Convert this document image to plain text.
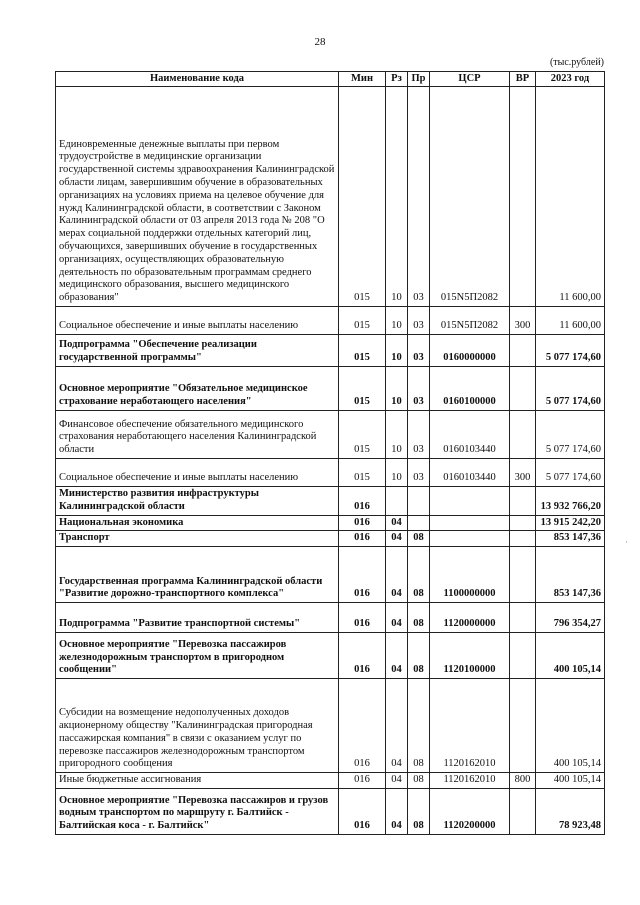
28
(тыс.рублей)
·
Наименование кода	Мин	Рз	Пр	ЦСР	ВР	2023 год
Единовременные денежные выплаты при первом трудоустройстве в медицинские организации государственной системы здравоохранения Калининградской области лицам, завершившим обучение в образовательных организациях на условиях приема на целевое обучение для нужд Калининградской области, в соответствии с Законом Калининградской области от 03 апреля 2013 года № 208 "О мерах социальной поддержки отдельных категорий лиц, обучающихся, завершивших обучение в государственных организациях, осуществляющих образовательную деятельность по образовательным программам среднего медицинского образования, высшего медицинского образования"	015	10	03	015N5П2082		11 600,00
Социальное обеспечение и иные выплаты населению	015	10	03	015N5П2082	300	11 600,00
Подпрограмма "Обеспечение реализации государственной программы"	015	10	03	0160000000		5 077 174,60
Основное мероприятие "Обязательное медицинское страхование неработающего населения"	015	10	03	0160100000		5 077 174,60
Финансовое обеспечение обязательного медицинского страхования неработающего населения Калининградской области	015	10	03	0160103440		5 077 174,60
Социальное обеспечение и иные выплаты населению	015	10	03	0160103440	300	5 077 174,60
Министерство развития инфраструктуры Калининградской области	016					13 932 766,20
Национальная экономика	016	04				13 915 242,20
Транспорт	016	04	08			853 147,36
Государственная программа Калининградской области "Развитие дорожно-транспортного комплекса"	016	04	08	1100000000		853 147,36
Подпрограмма "Развитие транспортной системы"	016	04	08	1120000000		796 354,27
Основное мероприятие "Перевозка пассажиров железнодорожным транспортом в пригородном сообщении"	016	04	08	1120100000		400 105,14
Субсидии на возмещение недополученных доходов акционерному обществу "Калининградская пригородная пассажирская компания" в связи с оказанием услуг по перевозке пассажиров железнодорожным транспортом пригородного сообщения	016	04	08	1120162010		400 105,14
Иные бюджетные ассигнования	016	04	08	1120162010	800	400 105,14
Основное мероприятие "Перевозка пассажиров и грузов водным транспортом по маршруту г. Балтийск - Балтийская коса - г. Балтийск"	016	04	08	1120200000		78 923,48
